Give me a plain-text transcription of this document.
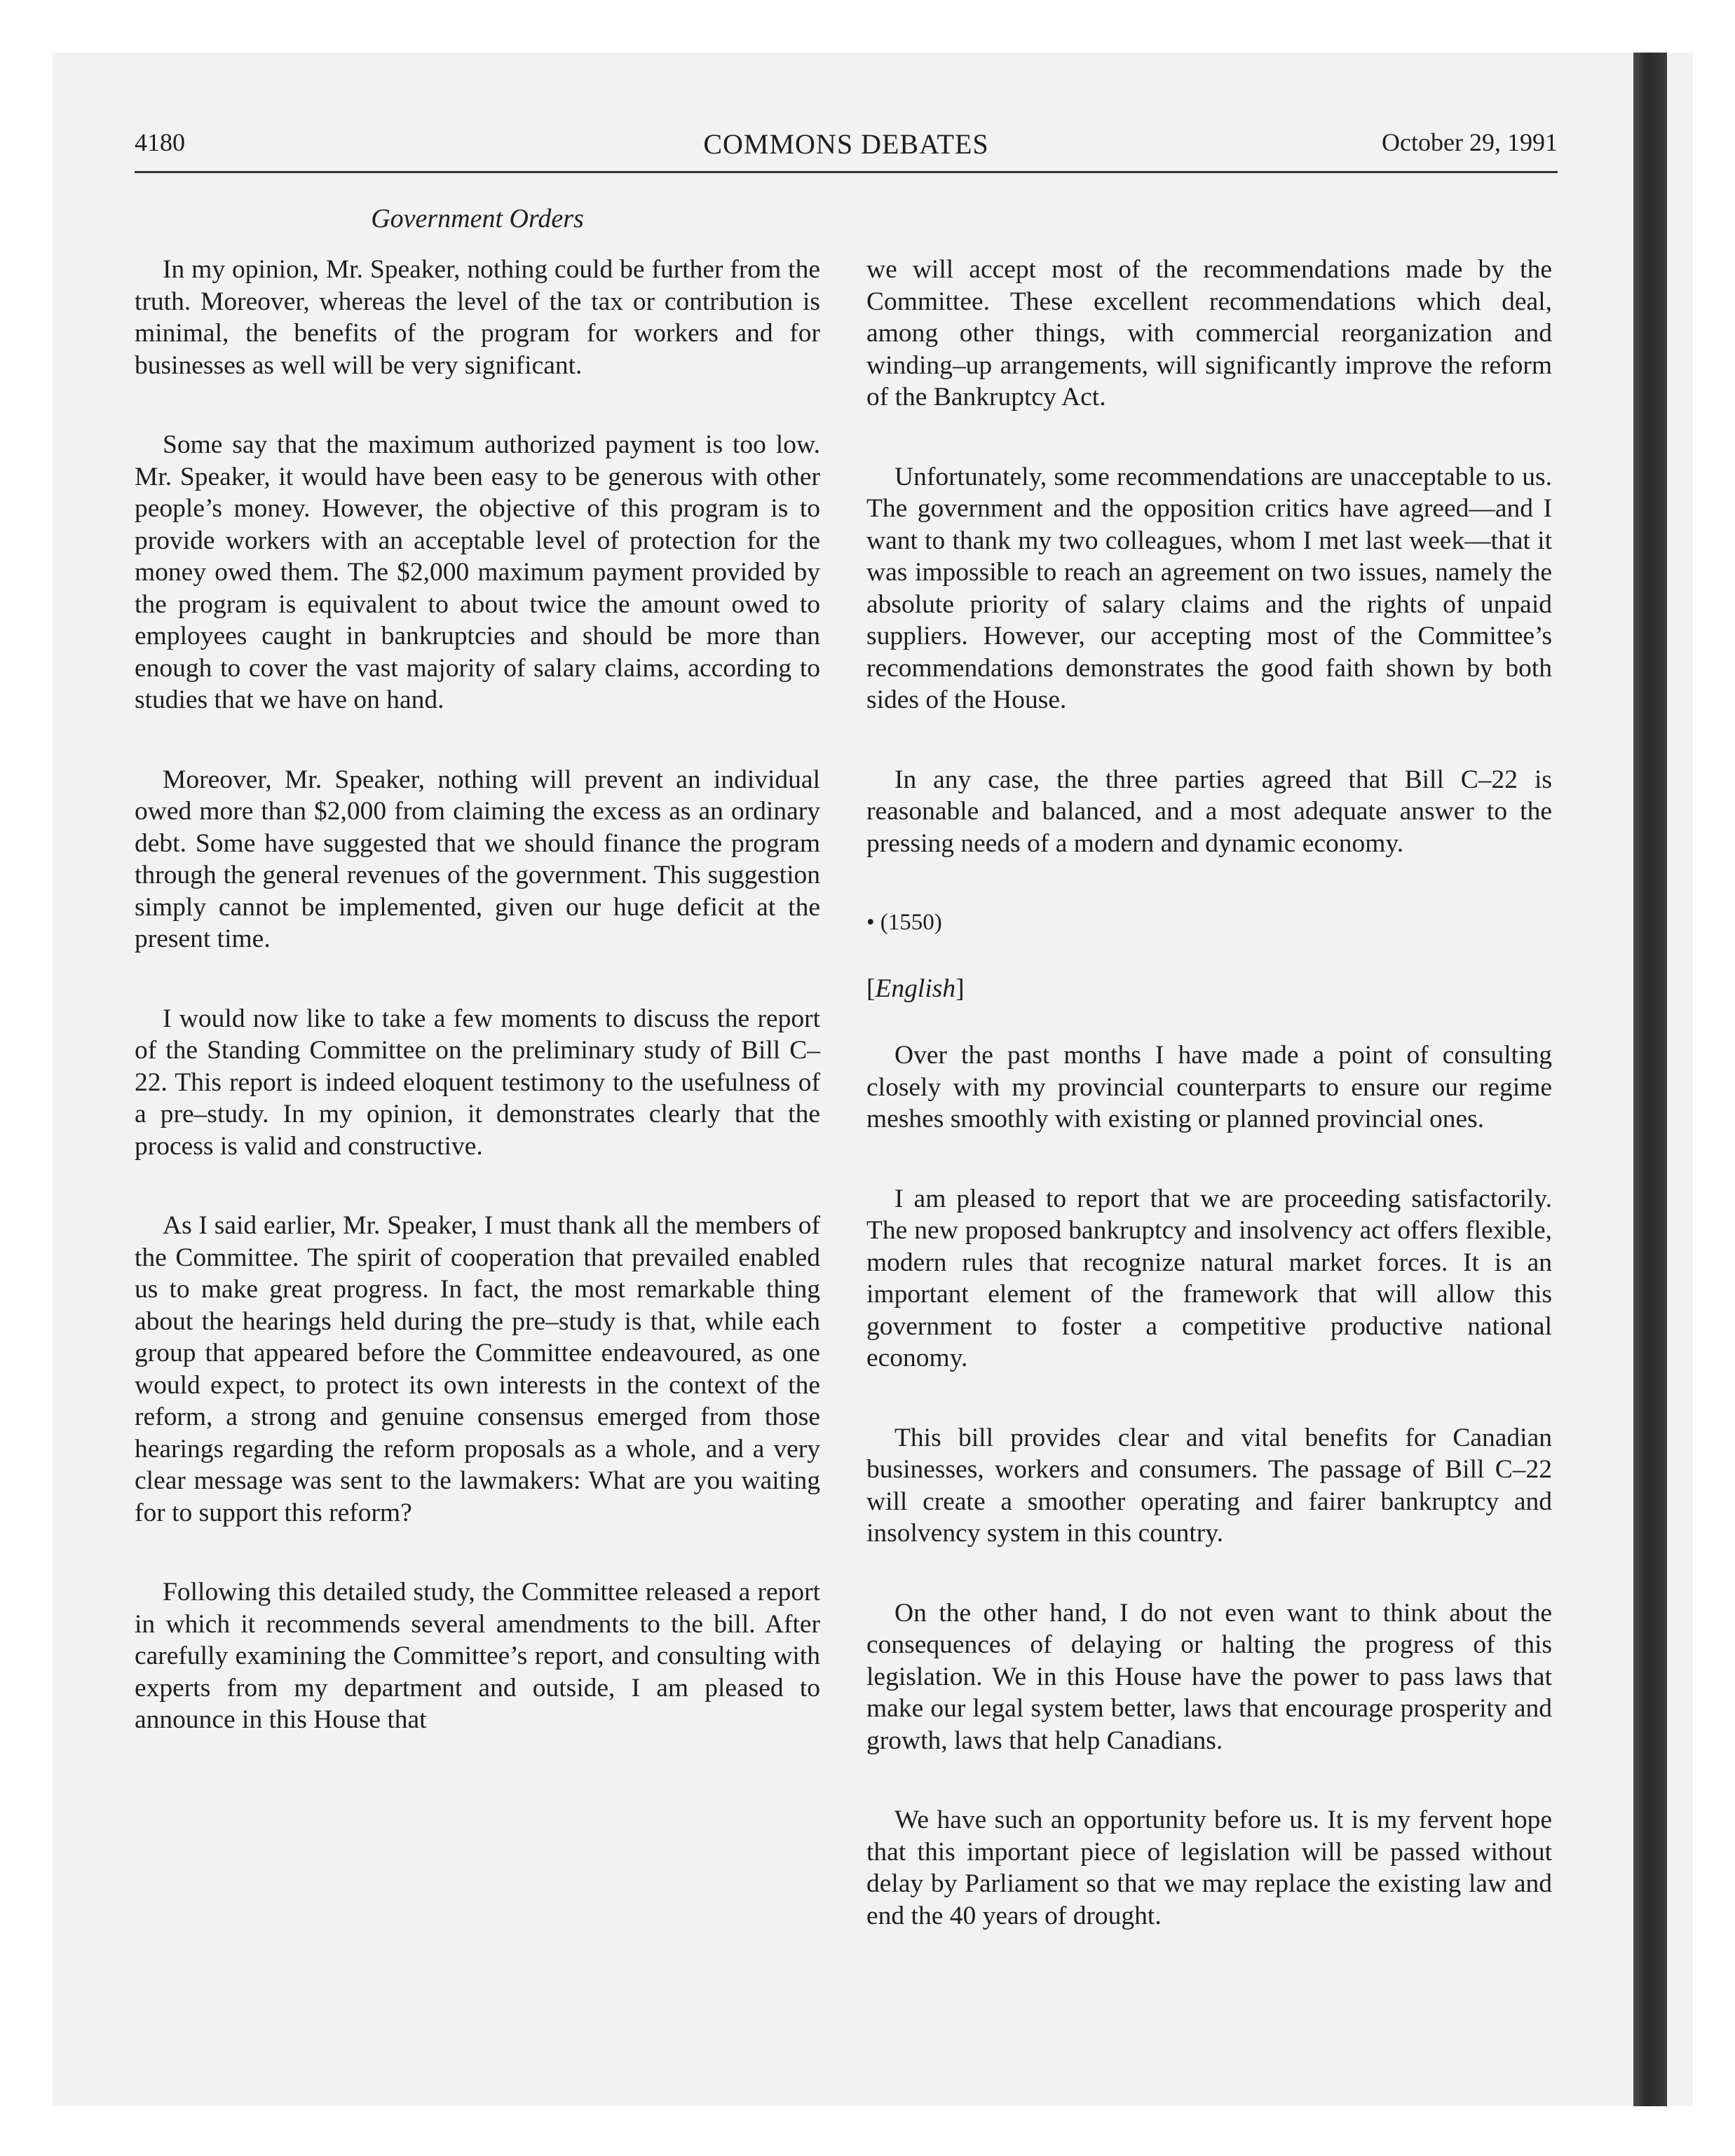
4180	COMMONS DEBATES	October 29, 1991
Government Orders

In my opinion, Mr. Speaker, nothing could be further from the truth. Moreover, whereas the level of the tax or contribution is minimal, the benefits of the program for workers and for businesses as well will be very significant.

Some say that the maximum authorized payment is too low. Mr. Speaker, it would have been easy to be generous with other people’s money. However, the objective of this program is to provide workers with an acceptable level of protection for the money owed them. The $2,000 maximum payment provided by the program is equivalent to about twice the amount owed to employees caught in bankruptcies and should be more than enough to cover the vast majority of salary claims, according to studies that we have on hand.

Moreover, Mr. Speaker, nothing will prevent an individual owed more than $2,000 from claiming the excess as an ordinary debt. Some have suggested that we should finance the program through the general revenues of the government. This suggestion simply cannot be implemented, given our huge deficit at the present time.

I would now like to take a few moments to discuss the report of the Standing Committee on the preliminary study of Bill C–22. This report is indeed eloquent testimony to the usefulness of a pre–study. In my opinion, it demonstrates clearly that the process is valid and constructive.

As I said earlier, Mr. Speaker, I must thank all the members of the Committee. The spirit of cooperation that prevailed enabled us to make great progress. In fact, the most remarkable thing about the hearings held during the pre–study is that, while each group that appeared before the Committee endeavoured, as one would expect, to protect its own interests in the context of the reform, a strong and genuine consensus emerged from those hearings regarding the reform proposals as a whole, and a very clear message was sent to the lawmakers: What are you waiting for to support this reform?

Following this detailed study, the Committee released a report in which it recommends several amendments to the bill. After carefully examining the Committee’s report, and consulting with experts from my department and outside, I am pleased to announce in this House that

we will accept most of the recommendations made by the Committee. These excellent recommendations which deal, among other things, with commercial reorganization and winding–up arrangements, will significantly improve the reform of the Bankruptcy Act.

Unfortunately, some recommendations are unacceptable to us. The government and the opposition critics have agreed—and I want to thank my two colleagues, whom I met last week—that it was impossible to reach an agreement on two issues, namely the absolute priority of salary claims and the rights of unpaid suppliers. However, our accepting most of the Committee’s recommendations demonstrates the good faith shown by both sides of the House.

In any case, the three parties agreed that Bill C–22 is reasonable and balanced, and a most adequate answer to the pressing needs of a modern and dynamic economy.

• (1550)
[English]

Over the past months I have made a point of consulting closely with my provincial counterparts to ensure our regime meshes smoothly with existing or planned provincial ones.

I am pleased to report that we are proceeding satisfactorily. The new proposed bankruptcy and insolvency act offers flexible, modern rules that recognize natural market forces. It is an important element of the framework that will allow this government to foster a competitive productive national economy.

This bill provides clear and vital benefits for Canadian businesses, workers and consumers. The passage of Bill C–22 will create a smoother operating and fairer bankruptcy and insolvency system in this country.

On the other hand, I do not even want to think about the consequences of delaying or halting the progress of this legislation. We in this House have the power to pass laws that make our legal system better, laws that encourage prosperity and growth, laws that help Canadians.

We have such an opportunity before us. It is my fervent hope that this important piece of legislation will be passed without delay by Parliament so that we may replace the existing law and end the 40 years of drought.
